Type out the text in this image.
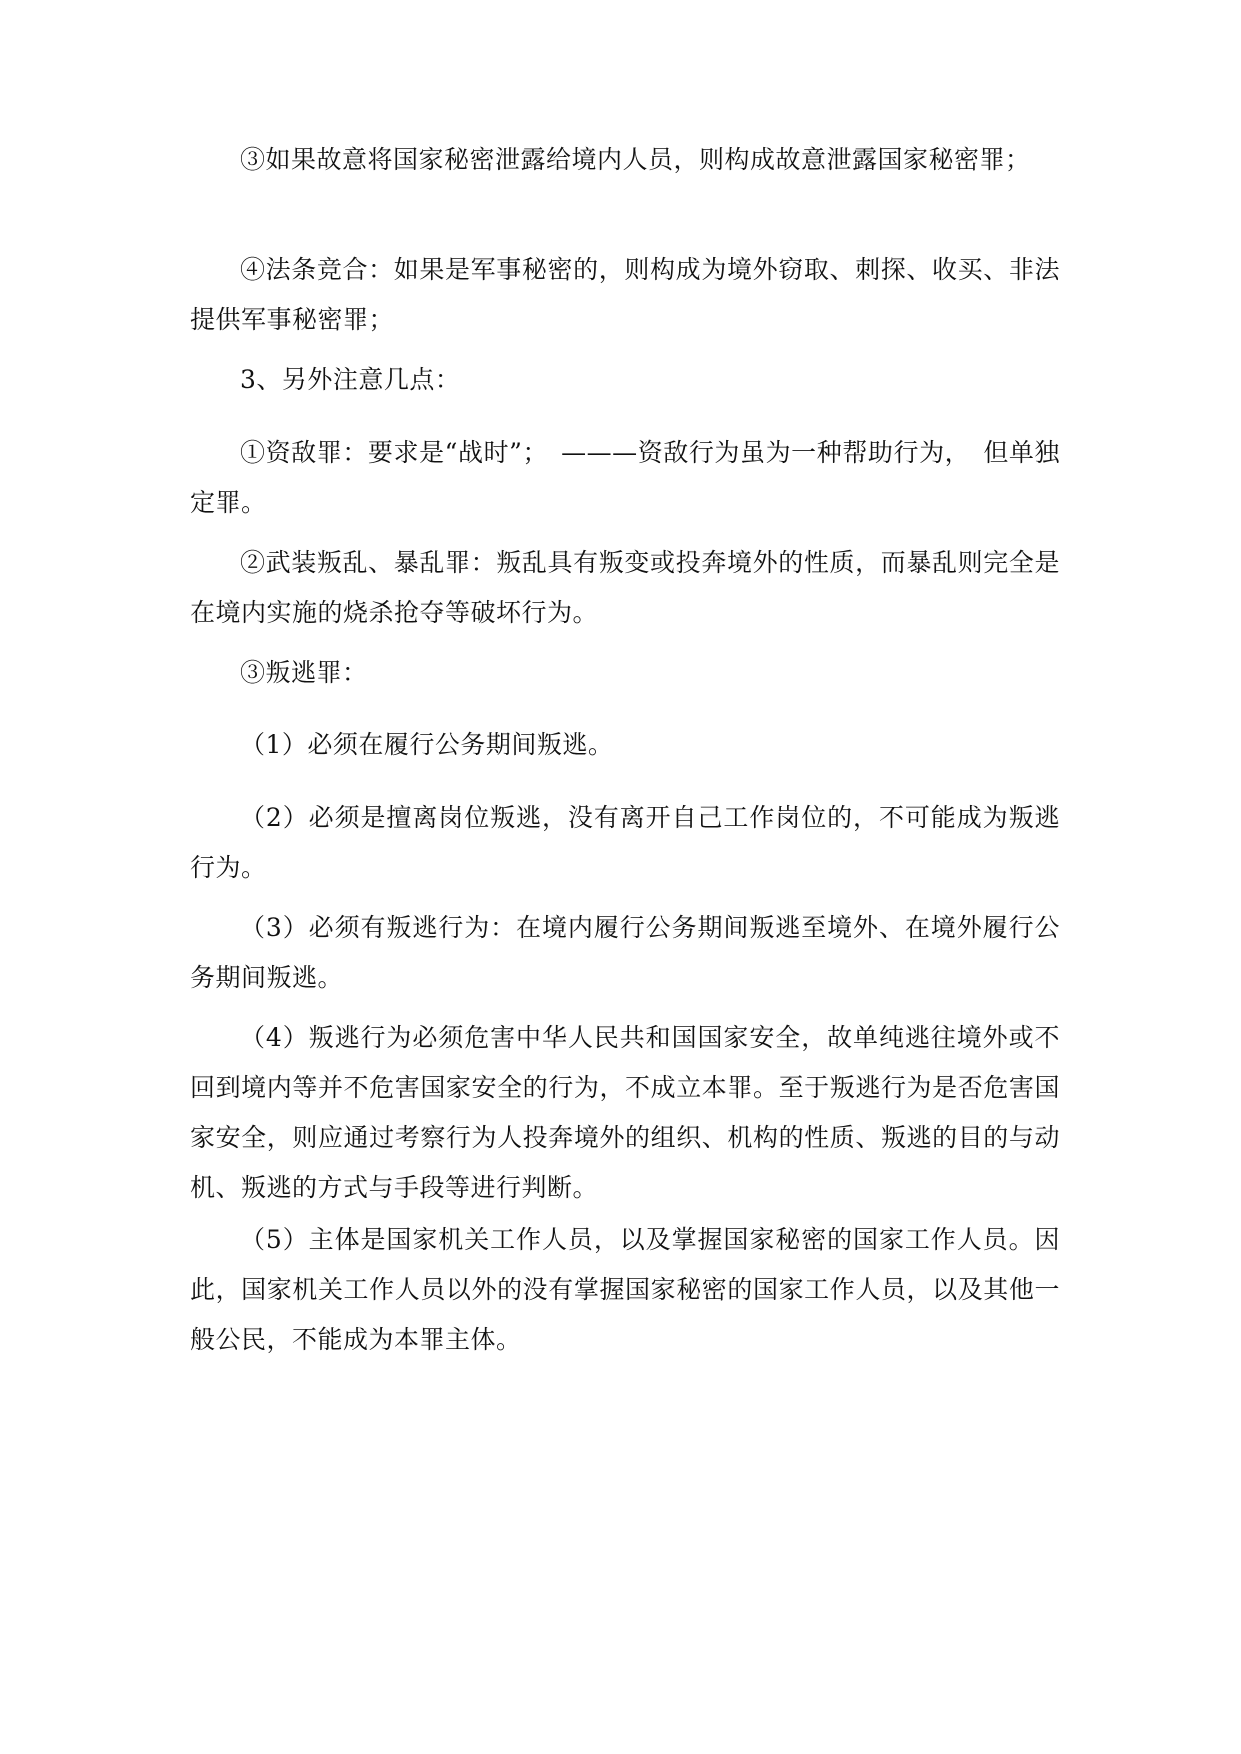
③如果故意将国家秘密泄露给境内人员，则构成故意泄露国家秘密罪；

④法条竞合：如果是军事秘密的，则构成为境外窃取、刺探、收买、非法提供军事秘密罪；

3、另外注意几点：

①资敌罪：要求是“战时”；　———资敌行为虽为一种帮助行为，　但单独定罪。

②武装叛乱、暴乱罪：叛乱具有叛变或投奔境外的性质，而暴乱则完全是在境内实施的烧杀抢夺等破坏行为。

③叛逃罪：

（1）必须在履行公务期间叛逃。

（2）必须是擅离岗位叛逃，没有离开自己工作岗位的，不可能成为叛逃行为。

（3）必须有叛逃行为：在境内履行公务期间叛逃至境外、在境外履行公务期间叛逃。

（4）叛逃行为必须危害中华人民共和国国家安全，故单纯逃往境外或不回到境内等并不危害国家安全的行为，不成立本罪。至于叛逃行为是否危害国家安全，则应通过考察行为人投奔境外的组织、机构的性质、叛逃的目的与动机、叛逃的方式与手段等进行判断。

（5）主体是国家机关工作人员，以及掌握国家秘密的国家工作人员。因此，国家机关工作人员以外的没有掌握国家秘密的国家工作人员，以及其他一般公民，不能成为本罪主体。
